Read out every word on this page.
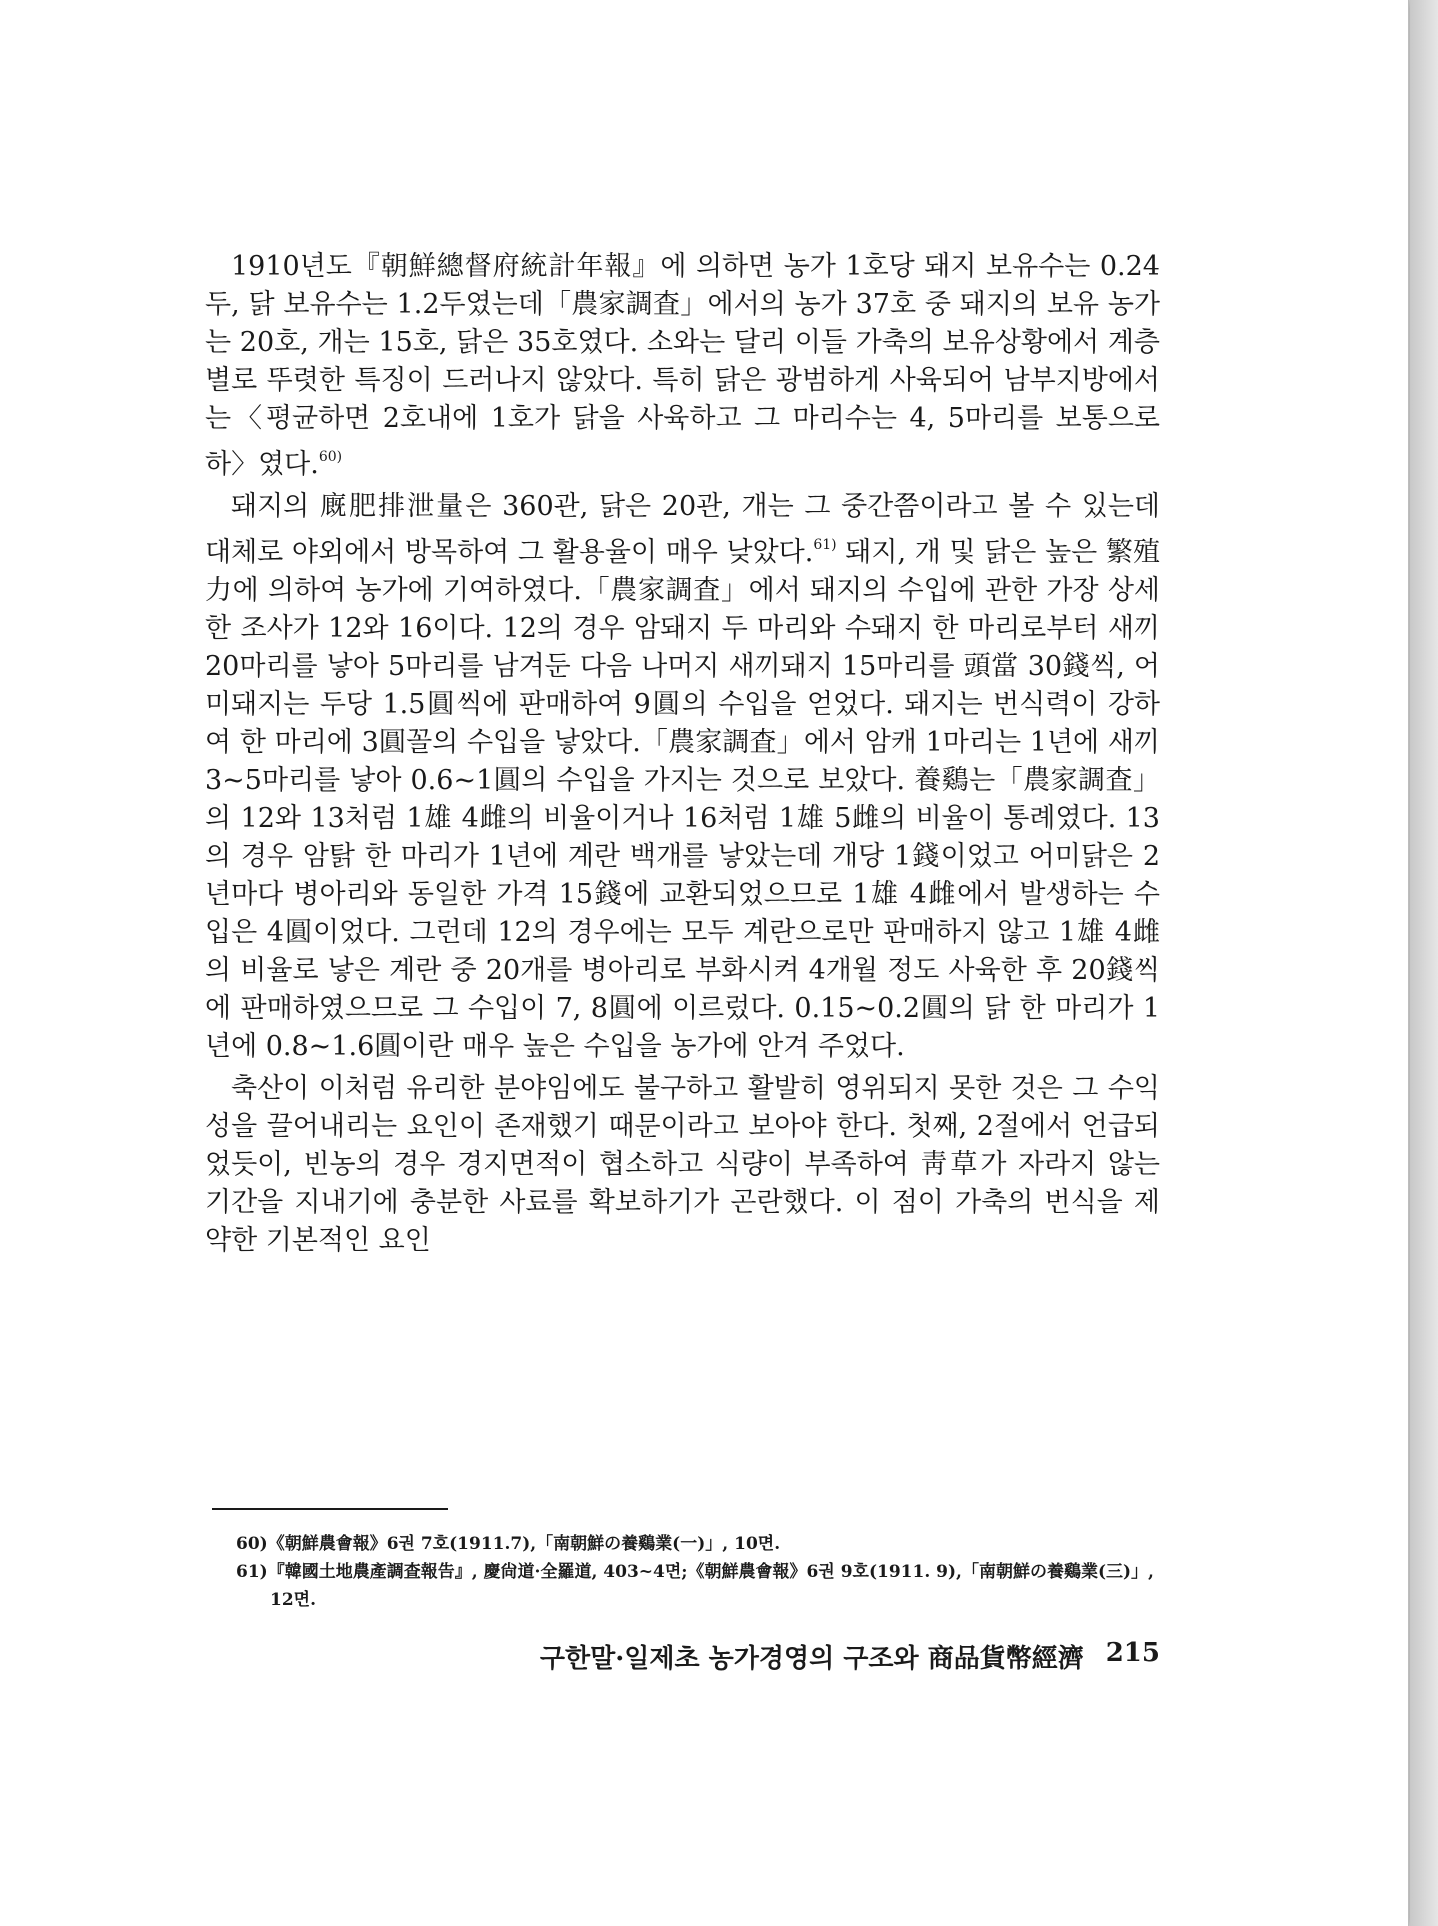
1910년도『朝鮮總督府統計年報』에 의하면 농가 1호당 돼지 보유수는 0.24두, 닭 보유수는 1.2두였는데「農家調査」에서의 농가 37호 중 돼지의 보유 농가는 20호, 개는 15호, 닭은 35호였다. 소와는 달리 이들 가축의 보유상황에서 계층별로 뚜렷한 특징이 드러나지 않았다. 특히 닭은 광범하게 사육되어 남부지방에서는〈평균하면 2호내에 1호가 닭을 사육하고 그 마리수는 4, 5마리를 보통으로 하〉였다.$^{60)}$

돼지의 廐肥排泄量은 360관, 닭은 20관, 개는 그 중간쯤이라고 볼 수 있는데 대체로 야외에서 방목하여 그 활용율이 매우 낮았다.$^{61)}$ 돼지, 개 및 닭은 높은 繁殖力에 의하여 농가에 기여하였다.「農家調査」에서 돼지의 수입에 관한 가장 상세한 조사가 12와 16이다. 12의 경우 암돼지 두 마리와 수돼지 한 마리로부터 새끼 20마리를 낳아 5마리를 남겨둔 다음 나머지 새끼돼지 15마리를 頭當 30錢씩, 어미돼지는 두당 1.5圓씩에 판매하여 9圓의 수입을 얻었다. 돼지는 번식력이 강하여 한 마리에 3圓꼴의 수입을 낳았다.「農家調査」에서 암캐 1마리는 1년에 새끼 3~5마리를 낳아 0.6~1圓의 수입을 가지는 것으로 보았다. 養鷄는「農家調査」의 12와 13처럼 1雄 4雌의 비율이거나 16처럼 1雄 5雌의 비율이 통례였다. 13의 경우 암탉 한 마리가 1년에 계란 백개를 낳았는데 개당 1錢이었고 어미닭은 2년마다 병아리와 동일한 가격 15錢에 교환되었으므로 1雄 4雌에서 발생하는 수입은 4圓이었다. 그런데 12의 경우에는 모두 계란으로만 판매하지 않고 1雄 4雌의 비율로 낳은 계란 중 20개를 병아리로 부화시켜 4개월 정도 사육한 후 20錢씩에 판매하였으므로 그 수입이 7, 8圓에 이르렀다. 0.15~0.2圓의 닭 한 마리가 1년에 0.8~1.6圓이란 매우 높은 수입을 농가에 안겨 주었다.

축산이 이처럼 유리한 분야임에도 불구하고 활발히 영위되지 못한 것은 그 수익성을 끌어내리는 요인이 존재했기 때문이라고 보아야 한다. 첫째, 2절에서 언급되었듯이, 빈농의 경우 경지면적이 협소하고 식량이 부족하여 靑草가 자라지 않는 기간을 지내기에 충분한 사료를 확보하기가 곤란했다. 이 점이 가축의 번식을 제약한 기본적인 요인

60)《朝鮮農會報》6권 7호(1911.7),「南朝鮮の養鷄業(一)」, 10면.

61)『韓國土地農產調查報告』, 慶尙道·全羅道, 403~4면;《朝鮮農會報》6권 9호(1911. 9),「南朝鮮の養鷄業(三)」, 12면.

구한말·일제초 농가경영의 구조와 商品貨幣經濟 215
